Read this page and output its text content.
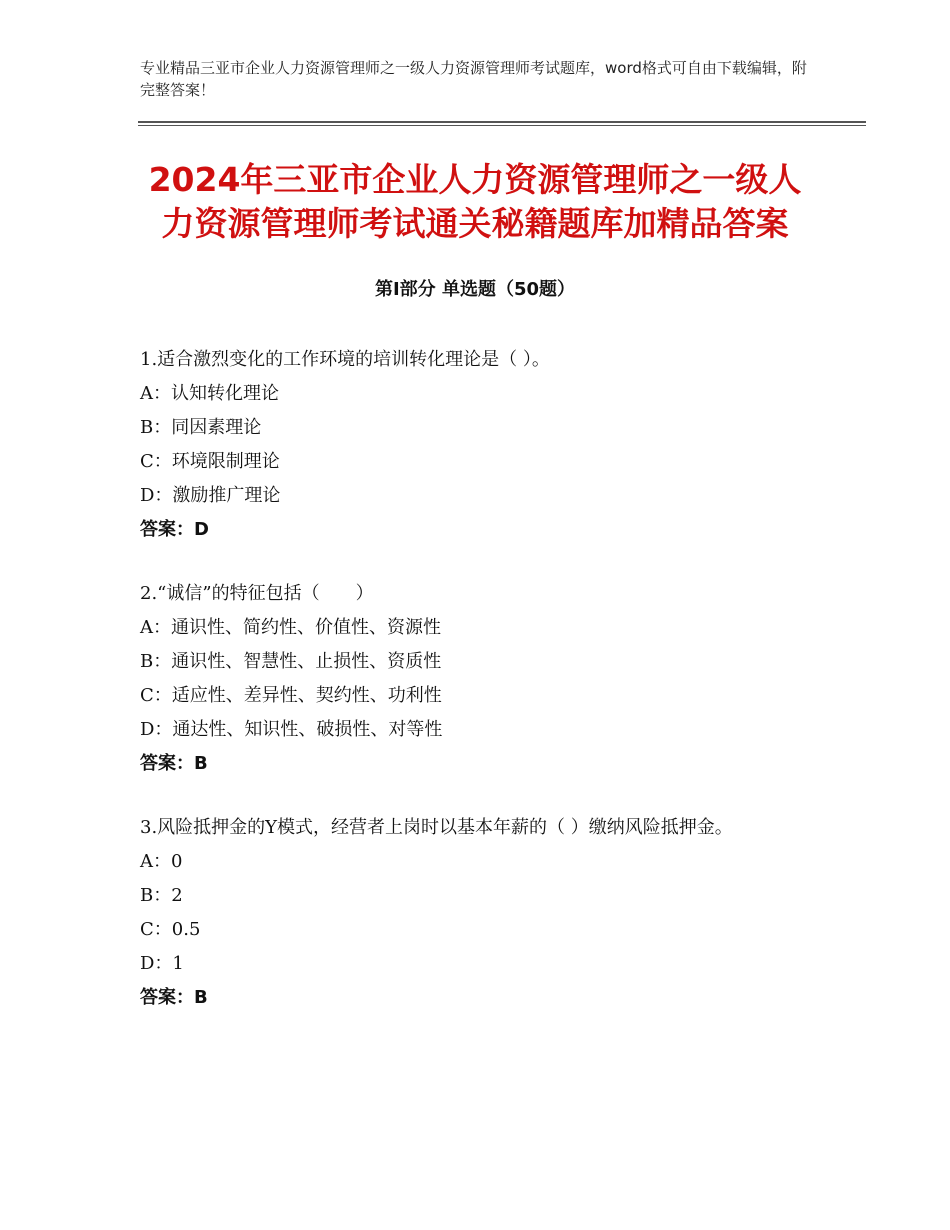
专业精品三亚市企业人力资源管理师之一级人力资源管理师考试题库，word格式可自由下载编辑，附完整答案！
2024年三亚市企业人力资源管理师之一级人
力资源管理师考试通关秘籍题库加精品答案
第Ⅰ部分 单选题（50题）
1.适合激烈变化的工作环境的培训转化理论是（ ）。
A：认知转化理论
B：同因素理论
C：环境限制理论
D：激励推广理论
答案：D
2.“诚信”的特征包括（　　）
A：通识性、简约性、价值性、资源性
B：通识性、智慧性、止损性、资质性
C：适应性、差异性、契约性、功利性
D：通达性、知识性、破损性、对等性
答案：B
3.风险抵押金的Y模式，经营者上岗时以基本年薪的（ ）缴纳风险抵押金。
A：0
B：2
C：0.5
D：1
答案：B
